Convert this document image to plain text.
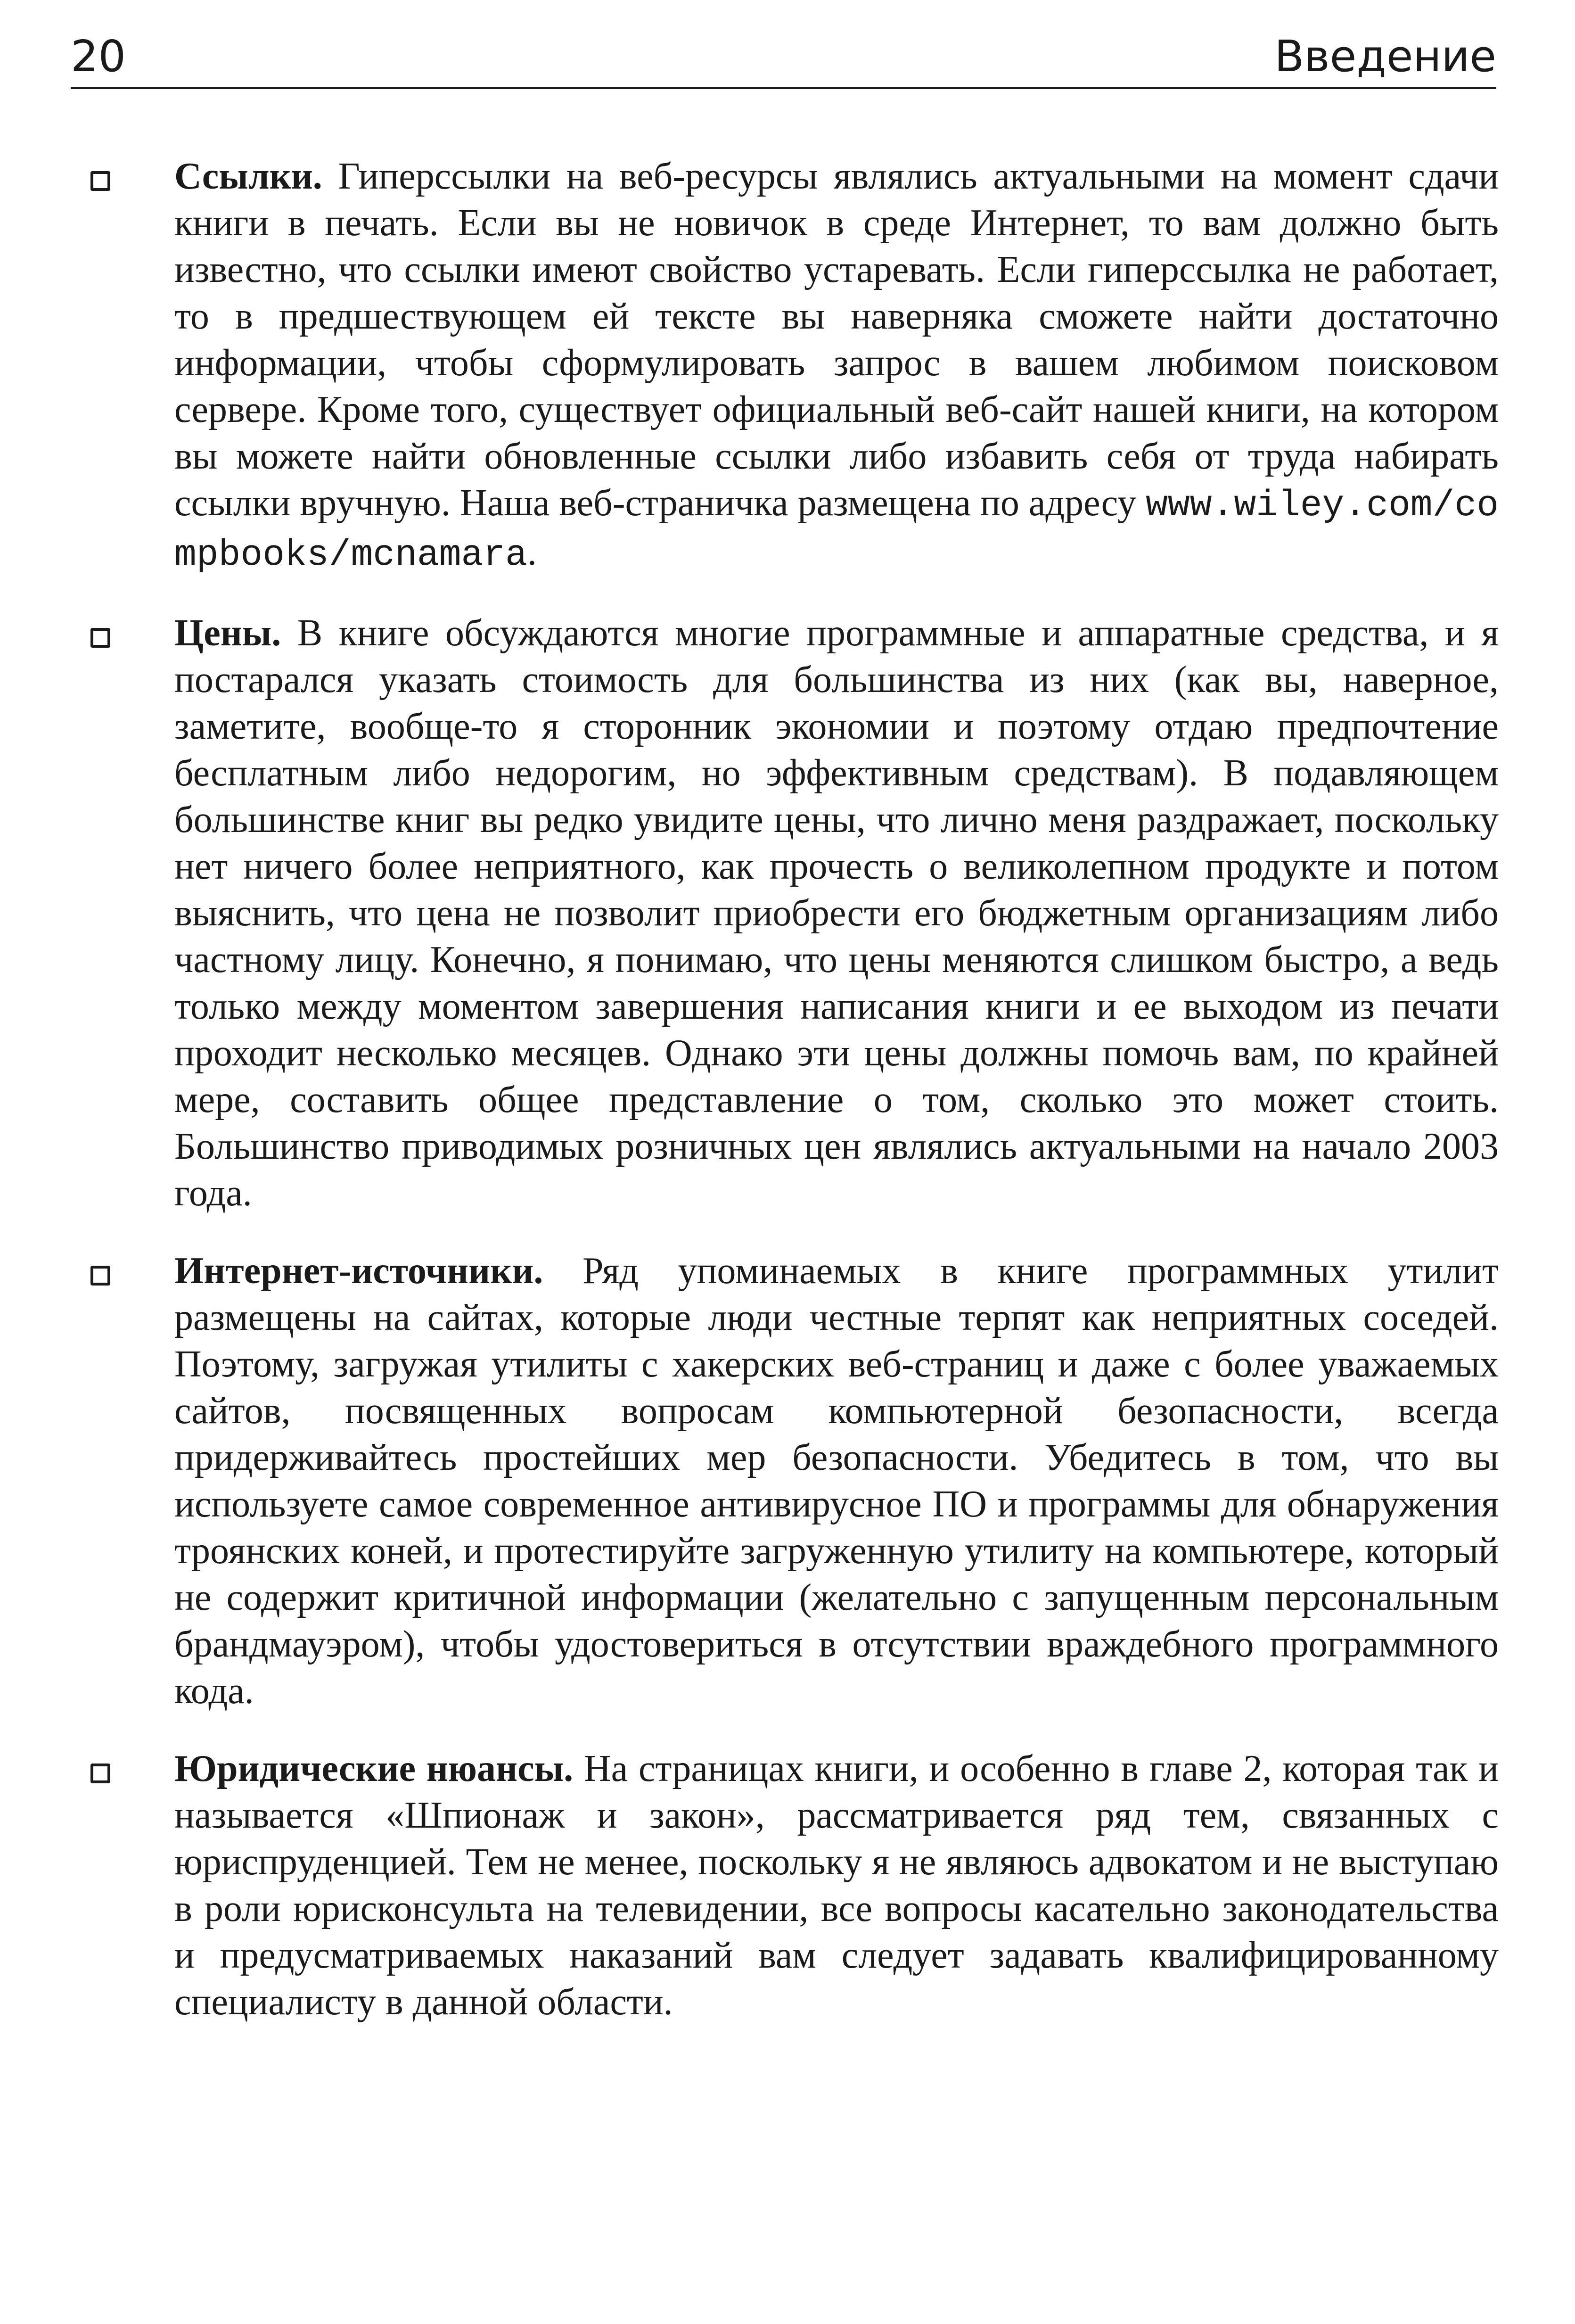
20	Введение

Ссылки. Гиперссылки на веб-ресурсы являлись актуальными на момент сдачи книги в печать. Если вы не новичок в среде Интернет, то вам должно быть известно, что ссылки имеют свойство устаревать. Если гиперссылка не работает, то в предшествующем ей тексте вы наверняка сможете найти достаточно информации, чтобы сформулировать запрос в вашем любимом поисковом сервере. Кроме того, существует официальный веб-сайт нашей книги, на котором вы можете найти обновленные ссылки либо избавить себя от труда набирать ссылки вручную. Наша веб-страничка размещена по адресу www.wiley.com/compbooks/mcnamara.

Цены. В книге обсуждаются многие программные и аппаратные средства, и я постарался указать стоимость для большинства из них (как вы, наверное, заметите, вообще-то я сторонник экономии и поэтому отдаю предпочтение бесплатным либо недорогим, но эффективным средствам). В подавляющем большинстве книг вы редко увидите цены, что лично меня раздражает, поскольку нет ничего более неприятного, как прочесть о великолепном продукте и потом выяснить, что цена не позволит приобрести его бюджетным организациям либо частному лицу. Конечно, я понимаю, что цены меняются слишком быстро, а ведь только между моментом завершения написания книги и ее выходом из печати проходит несколько месяцев. Однако эти цены должны помочь вам, по крайней мере, составить общее представление о том, сколько это может стоить. Большинство приводимых розничных цен являлись актуальными на начало 2003 года.

Интернет-источники. Ряд упоминаемых в книге программных утилит размещены на сайтах, которые люди честные терпят как неприятных соседей. Поэтому, загружая утилиты с хакерских веб-страниц и даже с более уважаемых сайтов, посвященных вопросам компьютерной безопасности, всегда придерживайтесь простейших мер безопасности. Убедитесь в том, что вы используете самое современное антивирусное ПО и программы для обнаружения троянских коней, и протестируйте загруженную утилиту на компьютере, который не содержит критичной информации (желательно с запущенным персональным брандмауэром), чтобы удостовериться в отсутствии враждебного программного кода.

Юридические нюансы. На страницах книги, и особенно в главе 2, которая так и называется «Шпионаж и закон», рассматривается ряд тем, связанных с юриспруденцией. Тем не менее, поскольку я не являюсь адвокатом и не выступаю в роли юрисконсульта на телевидении, все вопросы касательно законодательства и предусматриваемых наказаний вам следует задавать квалифицированному специалисту в данной области.
